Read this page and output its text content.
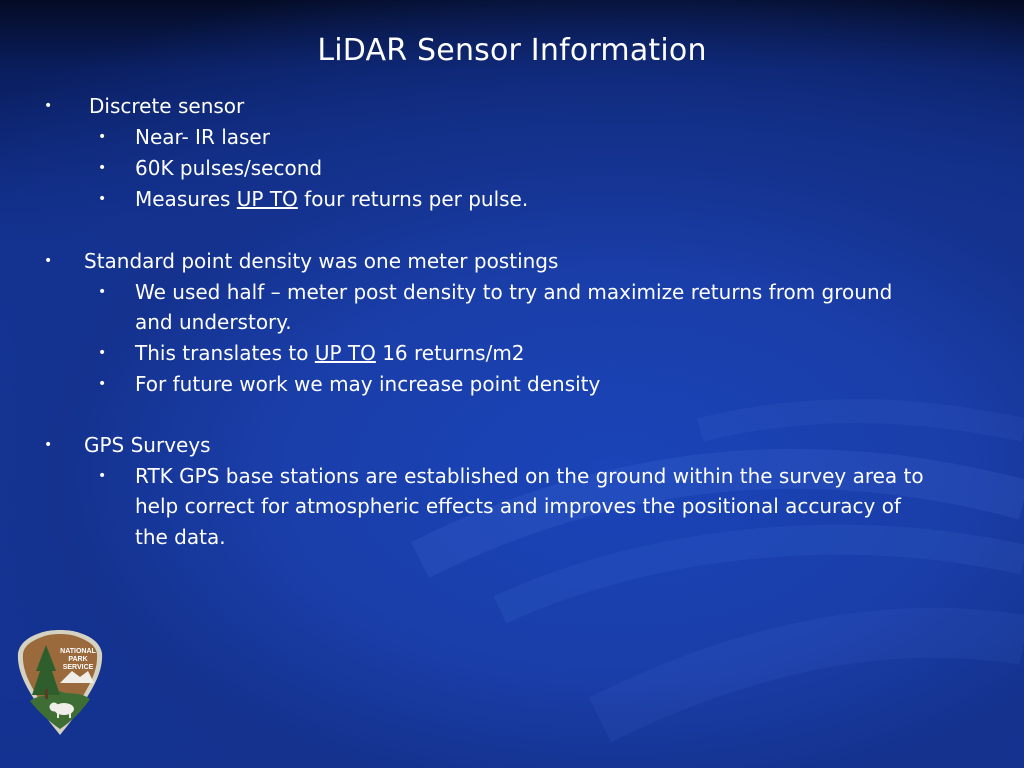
LiDAR Sensor Information
• Discrete sensor
• Near- IR laser
• 60K pulses/second
• Measures UP TO four returns per pulse.
• Standard point density was one meter postings
• We used half – meter post density to try and maximize returns from ground
and understory.
• This translates to UP TO 16 returns/m2
• For future work we may increase point density
• GPS Surveys
• RTK GPS base stations are established on the ground within the survey area to
help correct for atmospheric effects and improves the positional accuracy of
the data.
NATIONAL
PARK
SERVICE
